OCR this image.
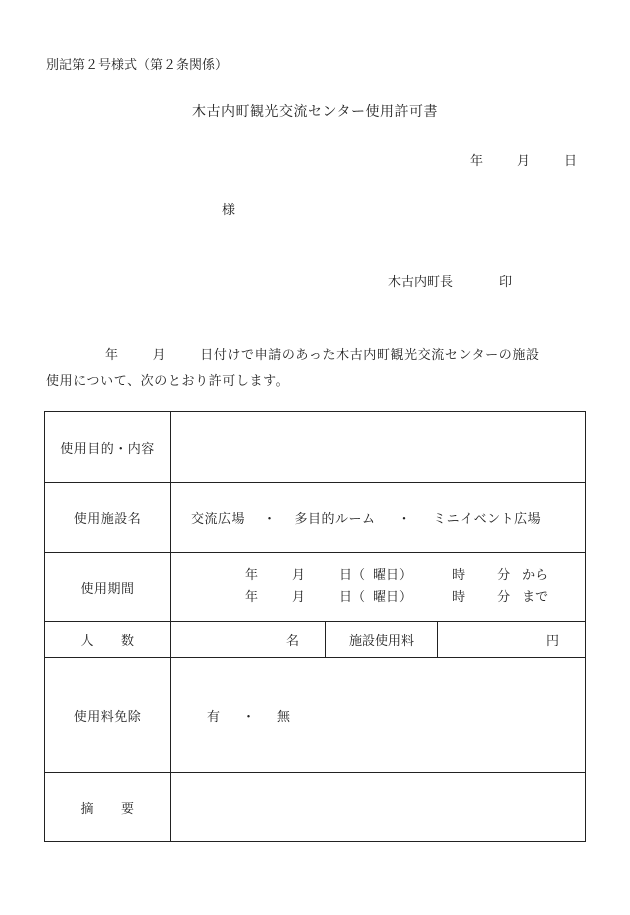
別記第２号様式（第２条関係）
木古内町観光交流センター使用許可書
年	月	日
様
木古内町長	印
年	月	日付けで申請のあった木古内町観光交流センターの施設
使用について、次のとおり許可します。
使用目的・内容			
使用施設名	交流広場 ・ 多目的ルーム ・ ミニイベント広場		
使用期間	年 月 日（ 曜日） 時 分 から
年 月 日（ 曜日） 時 分 まで		

人　　数	名	施設使用料	円
使用料免除	有 ・ 無		
摘　　要			
